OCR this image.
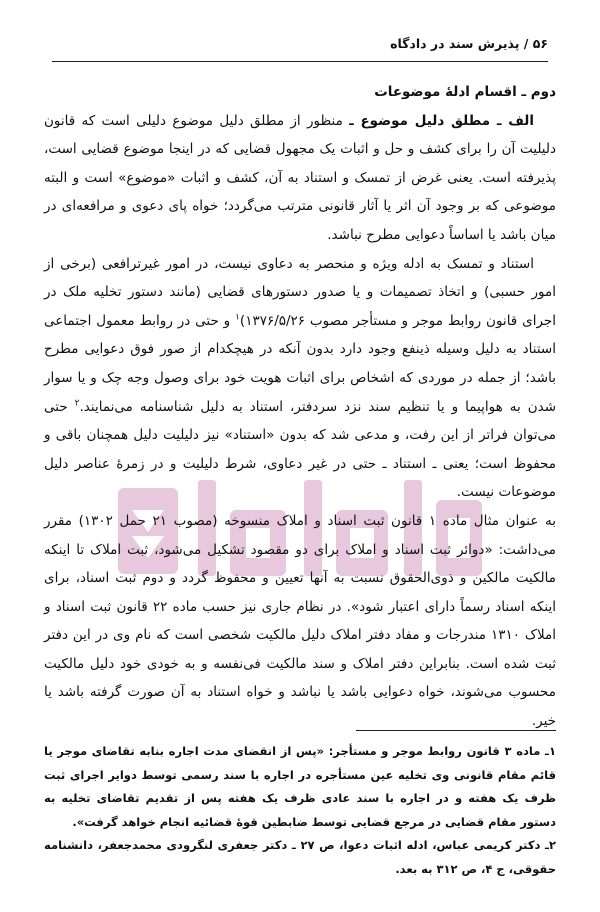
۵۶ / پذیرش سند در دادگاه

دوم ـ اقسام ادلۀ موضوعات

الف ـ مطلق دلیل موضوع ـ منظور از مطلق دلیل موضوع دلیلی است که قانون دلیلیت آن را برای کشف و حل و اثبات یک مجهول قضایی که در اینجا موضوع قضایی است، پذیرفته است. یعنی غرض از تمسک و استناد به آن، کشف و اثبات «موضوع» است و البته موضوعی که بر وجود آن اثر یا آثار قانونی مترتب می‌گردد؛ خواه پای دعوی و مرافعه‌ای در میان باشد یا اساساً دعوایی مطرح نباشد.

استناد و تمسک به ادله ویژه و منحصر به دعاوی نیست، در امور غیرترافعی (برخی از امور حسبی) و اتخاذ تصمیمات و یا صدور دستورهای قضایی (مانند دستور تخلیه ملک در اجرای قانون روابط موجر و مستأجر مصوب ۱۳۷۶/۵/۲۶)$^۱$ و حتی در روابط معمول اجتماعی استناد به دلیل وسیله ذینفع وجود دارد بدون آنکه در هیچکدام از صور فوق دعوایی مطرح باشد؛ از جمله در موردی که اشخاص برای اثبات هویت خود برای وصول وجه چک و یا سوار شدن به هواپیما و یا تنظیم سند نزد سردفتر، استناد به دلیل شناسنامه می‌نمایند.$^۲$ حتی می‌توان فراتر از این رفت، و مدعی شد که بدون «استناد» نیز دلیلیت دلیل همچنان باقی و محفوظ است؛ یعنی ـ استناد ـ حتی در غیر دعاوی، شرط دلیلیت و در زمرۀ عناصر دلیل موضوعات نیست.

به عنوان مثال ماده ۱ قانون ثبت اسناد و املاک منسوخه (مصوب ۲۱ حمل ۱۳۰۲) مقرر می‌داشت: «دوائر ثبت اسناد و املاک برای دو مقصود تشکیل می‌شود، ثبت املاک تا اینکه مالکیت مالکین و ذوی‌الحقوق نسبت به آنها تعیین و محفوظ گردد و دوم ثبت اسناد، برای اینکه اسناد رسماً دارای اعتبار شود». در نظام جاری نیز حسب ماده ۲۲ قانون ثبت اسناد و املاک ۱۳۱۰ مندرجات و مفاد دفتر املاک دلیل مالکیت شخصی است که نام وی در این دفتر ثبت شده است. بنابراین دفتر املاک و سند مالکیت فی‌نفسه و به خودی خود دلیل مالکیت محسوب می‌شوند، خواه دعوایی باشد یا نباشد و خواه استناد به آن صورت گرفته باشد یا خیر.

۱ـ ماده ۳ قانون روابط موجر و مستأجر: «پس از انقضای مدت اجاره بنابه تقاضای موجر یا قائم مقام قانونی وی تخلیه عین مستأجره در اجاره با سند رسمی توسط دوایر اجرای ثبت ظرف یک هفته و در اجاره با سند عادی ظرف یک هفته پس از تقدیم تقاضای تخلیه به دستور مقام قضایی در مرجع قضایی توسط ضابطین قوۀ قضائیه انجام خواهد گرفت».

۲ـ دکتر کریمی عباس، ادله اثبات دعوا، ص ۲۷ ـ دکتر جعفری لنگرودی محمدجعفر، دانشنامه حقوقی، ج ۴، ص ۳۱۲ به بعد.
